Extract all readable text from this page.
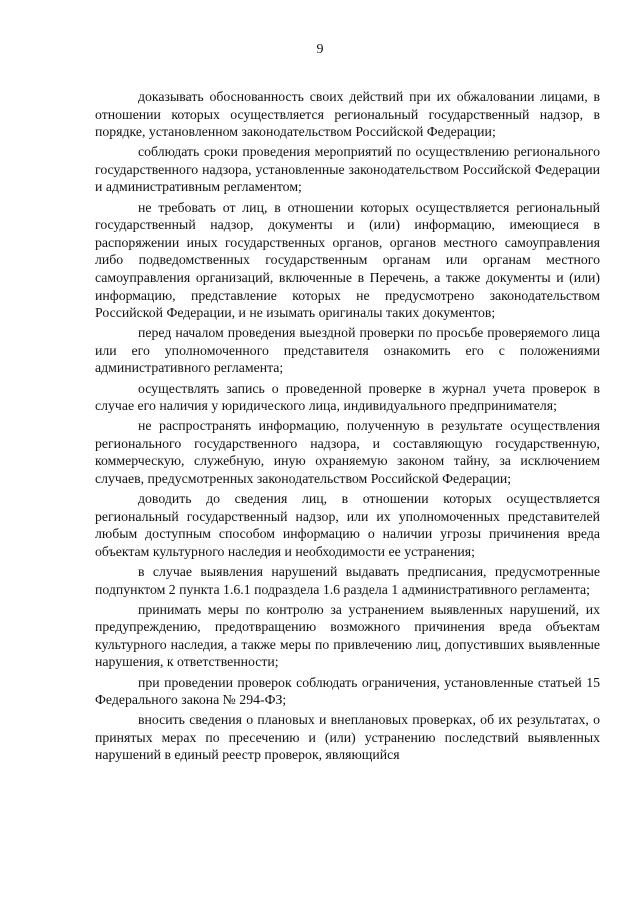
9

доказывать обоснованность своих действий при их обжаловании лицами, в отношении которых осуществляется региональный государственный надзор, в порядке, установленном законодательством Российской Федерации;

соблюдать сроки проведения мероприятий по осуществлению регионального государственного надзора, установленные законодательством Российской Федерации и административным регламентом;

не требовать от лиц, в отношении которых осуществляется региональный государственный надзор, документы и (или) информацию, имеющиеся в распоряжении иных государственных органов, органов местного самоуправления либо подведомственных государственным органам или органам местного самоуправления организаций, включенные в Перечень, а также документы и (или) информацию, представление которых не предусмотрено законодательством Российской Федерации, и не изымать оригиналы таких документов;

перед началом проведения выездной проверки по просьбе проверяемого лица или его уполномоченного представителя ознакомить его с положениями административного регламента;

осуществлять запись о проведенной проверке в журнал учета проверок в случае его наличия у юридического лица, индивидуального предпринимателя;

не распространять информацию, полученную в результате осуществления регионального государственного надзора, и составляющую государственную, коммерческую, служебную, иную охраняемую законом тайну, за исключением случаев, предусмотренных законодательством Российской Федерации;

доводить до сведения лиц, в отношении которых осуществляется региональный государственный надзор, или их уполномоченных представителей любым доступным способом информацию о наличии угрозы причинения вреда объектам культурного наследия и необходимости ее устранения;

в случае выявления нарушений выдавать предписания, предусмотренные подпунктом 2 пункта 1.6.1 подраздела 1.6 раздела 1 административного регламента;

принимать меры по контролю за устранением выявленных нарушений, их предупреждению, предотвращению возможного причинения вреда объектам культурного наследия, а также меры по привлечению лиц, допустивших выявленные нарушения, к ответственности;

при проведении проверок соблюдать ограничения, установленные статьей 15 Федерального закона № 294-ФЗ;

вносить сведения о плановых и внеплановых проверках, об их результатах, о принятых мерах по пресечению и (или) устранению последствий выявленных нарушений в единый реестр проверок, являющийся
